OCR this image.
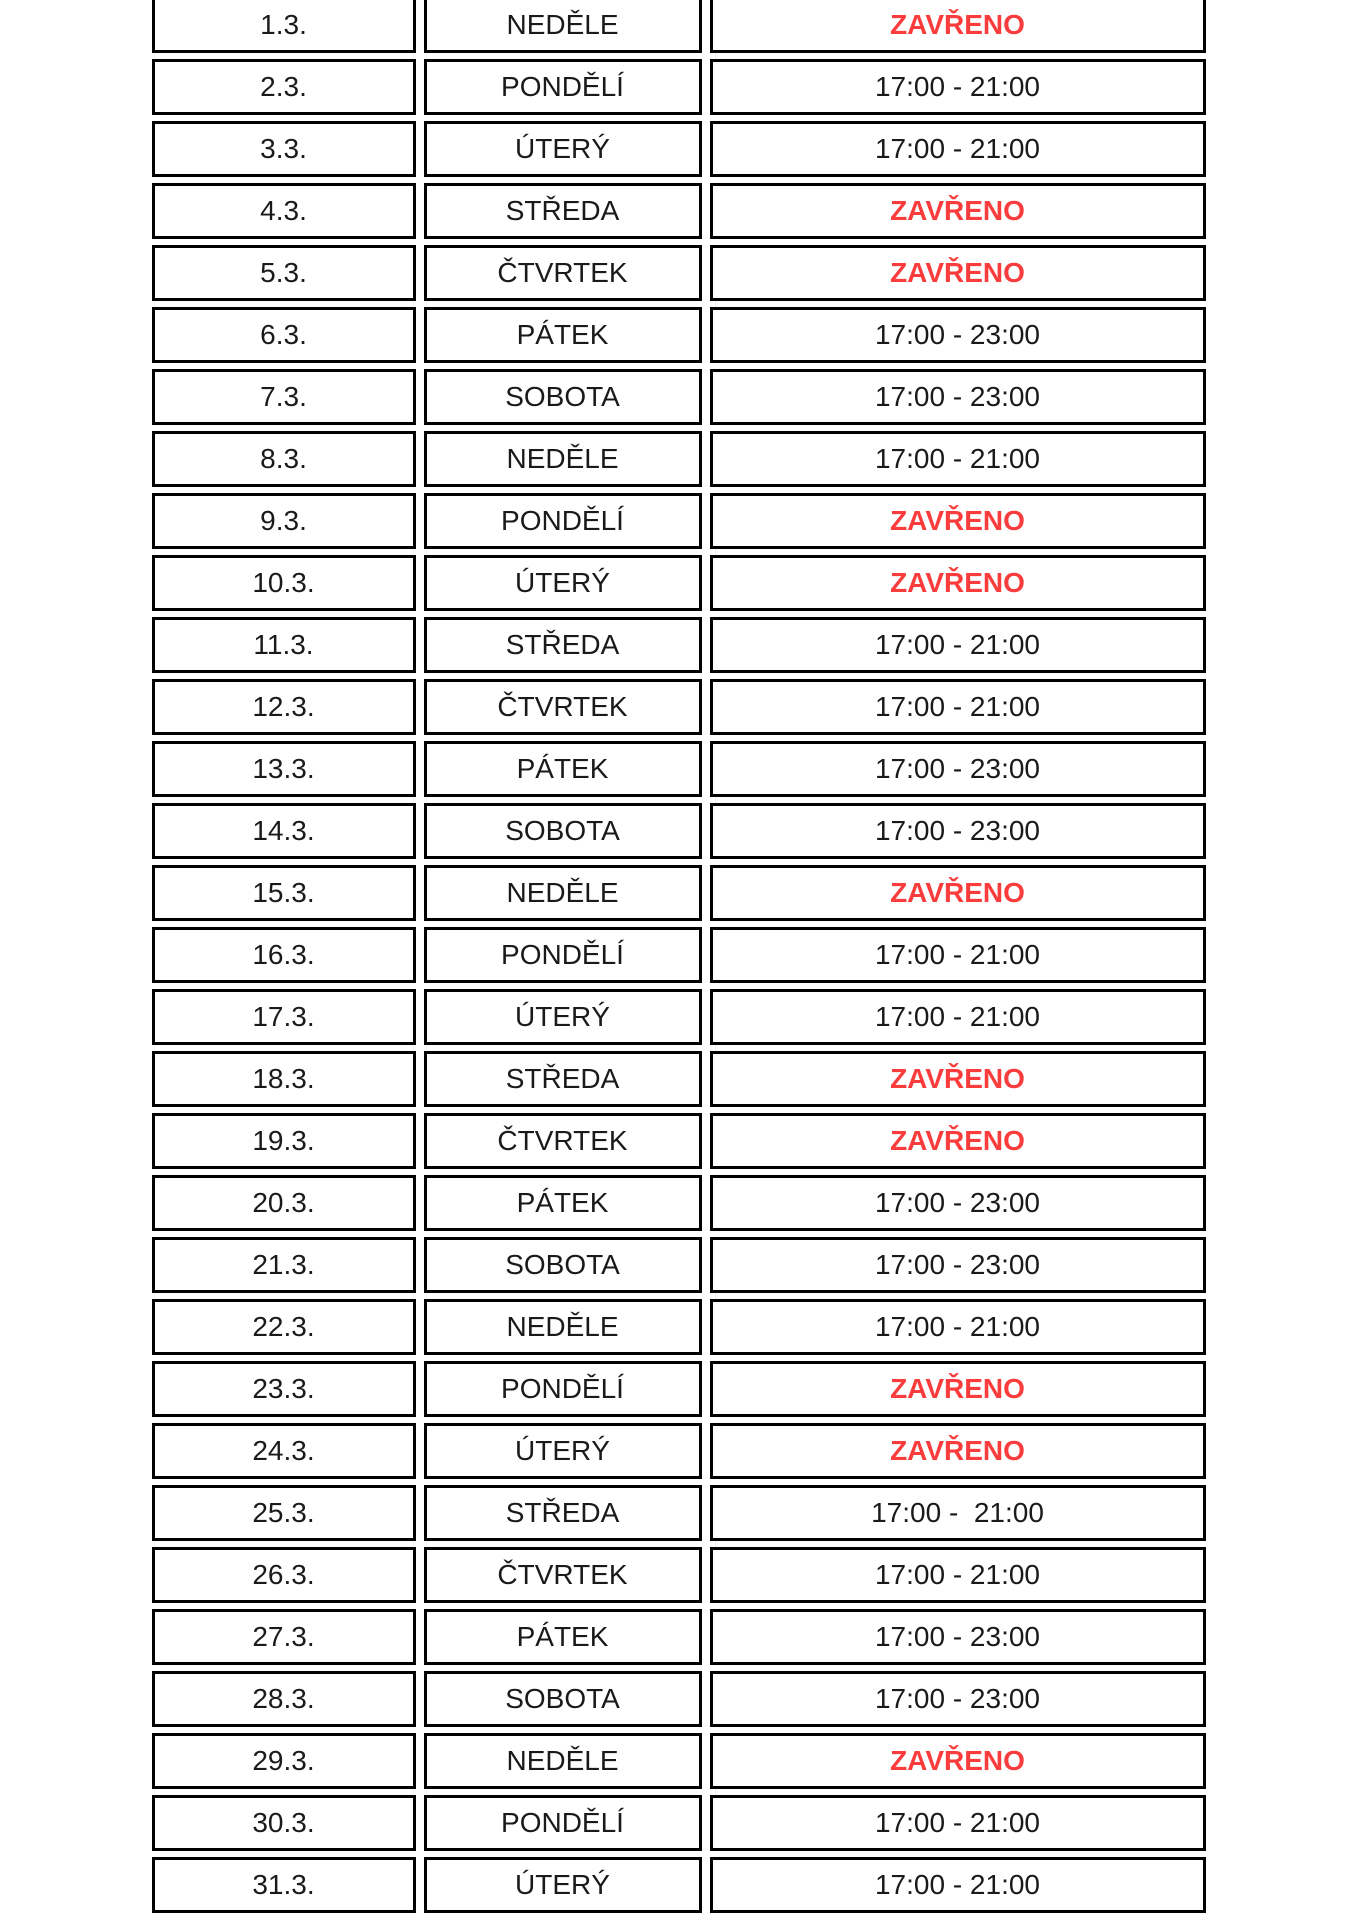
1.3.	NEDĚLE	ZAVŘENO
2.3.	PONDĚLÍ	17:00 - 21:00
3.3.	ÚTERÝ	17:00 - 21:00
4.3.	STŘEDA	ZAVŘENO
5.3.	ČTVRTEK	ZAVŘENO
6.3.	PÁTEK	17:00 - 23:00
7.3.	SOBOTA	17:00 - 23:00
8.3.	NEDĚLE	17:00 - 21:00
9.3.	PONDĚLÍ	ZAVŘENO
10.3.	ÚTERÝ	ZAVŘENO
11.3.	STŘEDA	17:00 - 21:00
12.3.	ČTVRTEK	17:00 - 21:00
13.3.	PÁTEK	17:00 - 23:00
14.3.	SOBOTA	17:00 - 23:00
15.3.	NEDĚLE	ZAVŘENO
16.3.	PONDĚLÍ	17:00 - 21:00
17.3.	ÚTERÝ	17:00 - 21:00
18.3.	STŘEDA	ZAVŘENO
19.3.	ČTVRTEK	ZAVŘENO
20.3.	PÁTEK	17:00 - 23:00
21.3.	SOBOTA	17:00 - 23:00
22.3.	NEDĚLE	17:00 - 21:00
23.3.	PONDĚLÍ	ZAVŘENO
24.3.	ÚTERÝ	ZAVŘENO
25.3.	STŘEDA	17:00 -  21:00
26.3.	ČTVRTEK	17:00 - 21:00
27.3.	PÁTEK	17:00 - 23:00
28.3.	SOBOTA	17:00 - 23:00
29.3.	NEDĚLE	ZAVŘENO
30.3.	PONDĚLÍ	17:00 - 21:00
31.3.	ÚTERÝ	17:00 - 21:00
